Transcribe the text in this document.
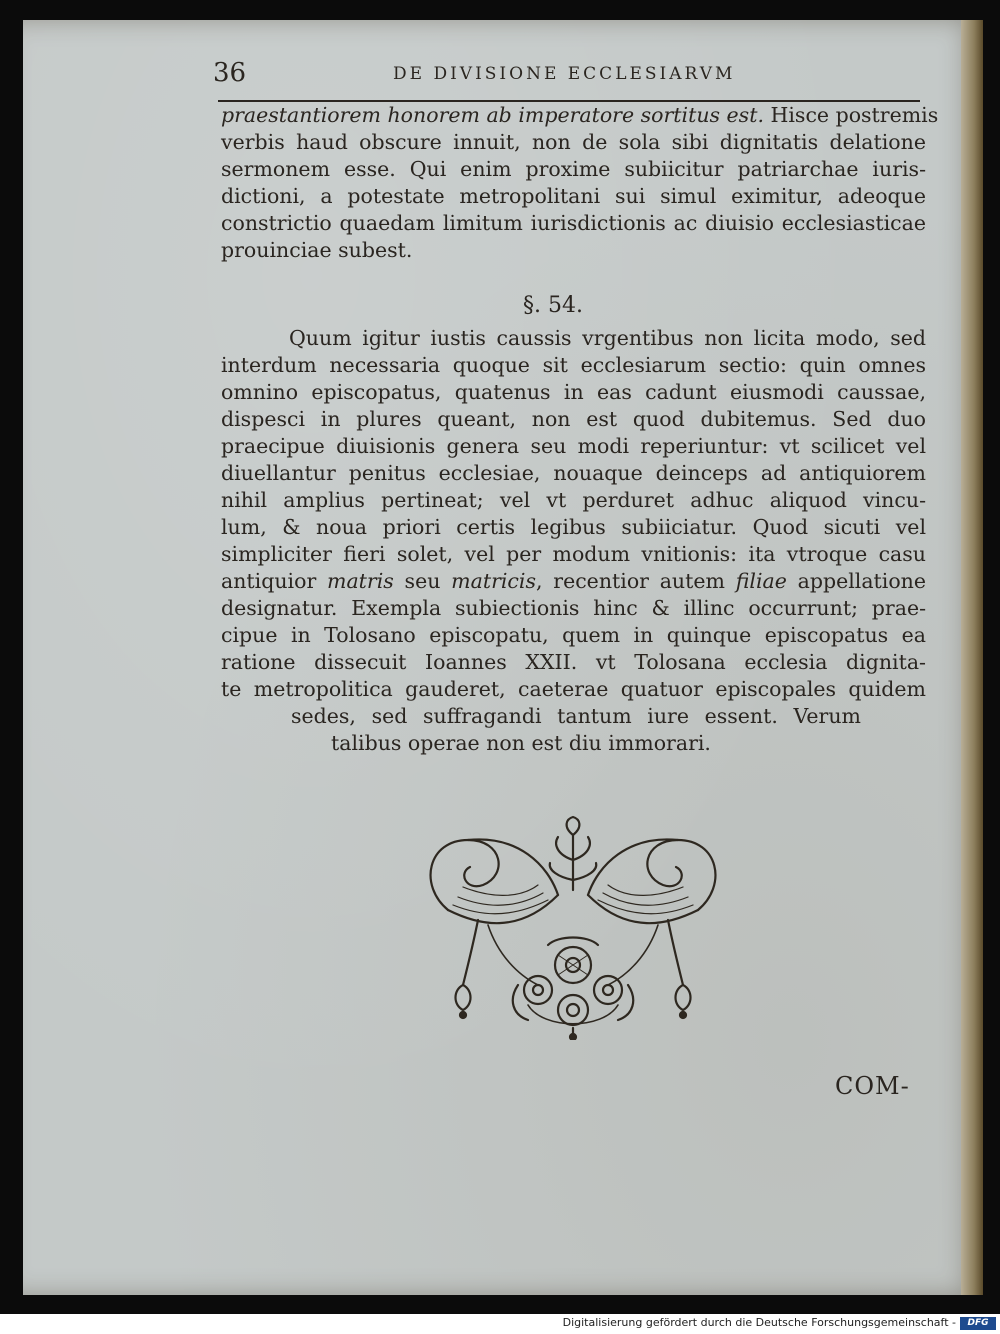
36	DE DIVISIONE ECCLESIARVM
praestantiorem honorem ab imperatore sortitus est. Hisce postremis
verbis haud obscure innuit, non de sola sibi dignitatis delatione
sermonem esse. Qui enim proxime subiicitur patriarchae iuris-
dictioni, a potestate metropolitani sui simul eximitur, adeoque
constrictio quaedam limitum iurisdictionis ac diuisio ecclesiasticae
prouinciae subest.
§. 54.
Quum igitur iustis caussis vrgentibus non licita modo, sed
interdum necessaria quoque sit ecclesiarum sectio: quin omnes
omnino episcopatus, quatenus in eas cadunt eiusmodi caussae,
dispesci in plures queant, non est quod dubitemus. Sed duo
praecipue diuisionis genera seu modi reperiuntur: vt scilicet vel
diuellantur penitus ecclesiae, nouaque deinceps ad antiquiorem
nihil amplius pertineat; vel vt perduret adhuc aliquod vincu-
lum, & noua priori certis legibus subiiciatur. Quod sicuti vel
simpliciter fieri solet, vel per modum vnitionis: ita vtroque casu
antiquior matris seu matricis, recentior autem filiae appellatione
designatur. Exempla subiectionis hinc & illinc occurrunt; prae-
cipue in Tolosano episcopatu, quem in quinque episcopatus ea
ratione dissecuit Ioannes XXII. vt Tolosana ecclesia dignita-
te metropolitica gauderet, caeterae quatuor episcopales quidem
sedes, sed suffragandi tantum iure essent. Verum
talibus operae non est diu immorari.
COM-
Digitalisierung gefördert durch die Deutsche Forschungsgemeinschaft -	DFG
